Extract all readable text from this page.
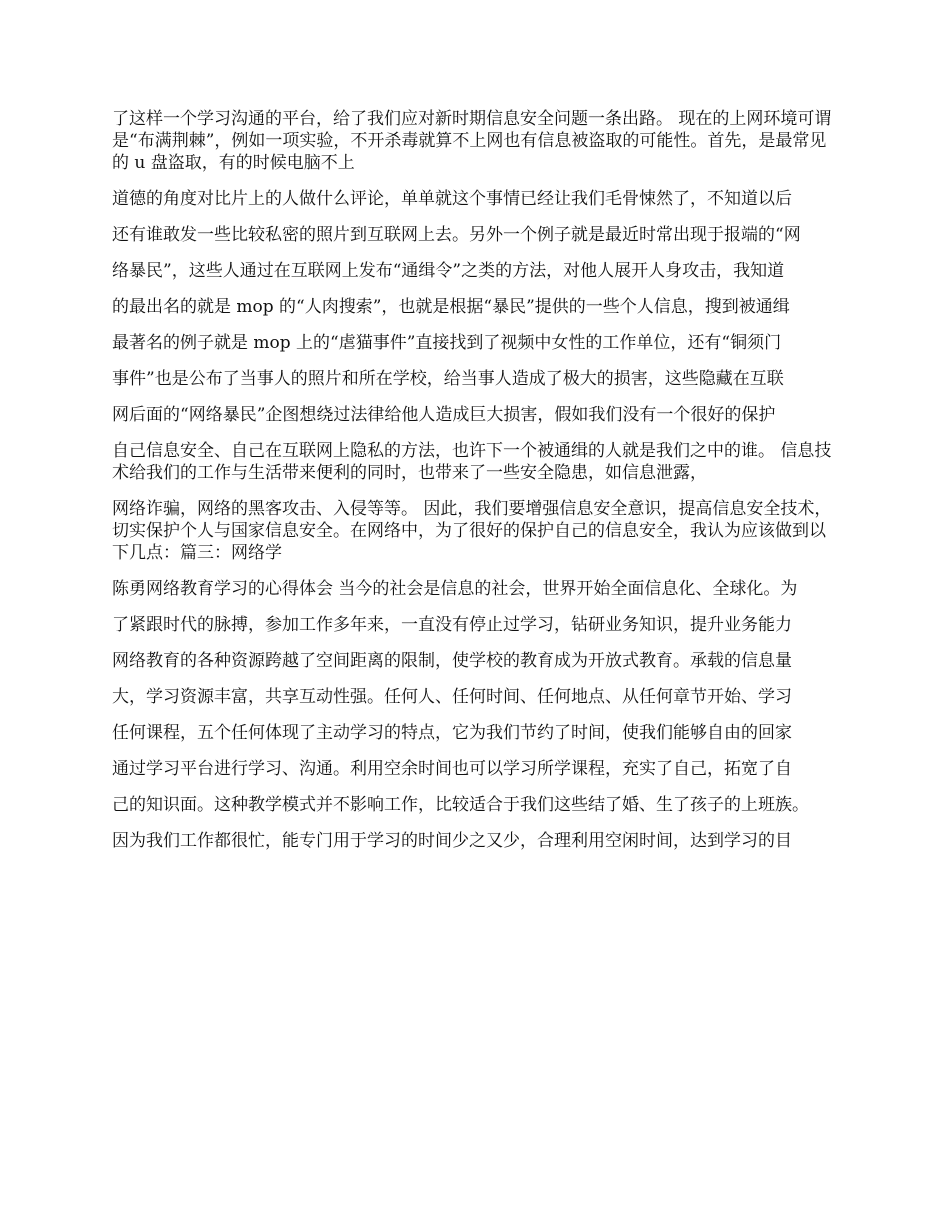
了这样一个学习沟通的平台，给了我们应对新时期信息安全问题一条出路。 现在的上网环境可谓是“布满荆棘”，例如一项实验，不开杀毒就算不上网也有信息被盗取的可能性。首先，是最常见的 u 盘盗取，有的时候电脑不上

道德的角度对比片上的人做什么评论，单单就这个事情已经让我们毛骨悚然了，不知道以后

还有谁敢发一些比较私密的照片到互联网上去。另外一个例子就是最近时常出现于报端的“网

络暴民”，这些人通过在互联网上发布“通缉令”之类的方法，对他人展开人身攻击，我知道

的最出名的就是 mop 的“人肉搜索”，也就是根据“暴民”提供的一些个人信息，搜到被通缉

最著名的例子就是 mop 上的“虐猫事件”直接找到了视频中女性的工作单位，还有“铜须门

事件”也是公布了当事人的照片和所在学校，给当事人造成了极大的损害，这些隐藏在互联

网后面的“网络暴民”企图想绕过法律给他人造成巨大损害，假如我们没有一个很好的保护

自己信息安全、自己在互联网上隐私的方法，也许下一个被通缉的人就是我们之中的谁。 信息技术给我们的工作与生活带来便利的同时，也带来了一些安全隐患，如信息泄露，

网络诈骗，网络的黑客攻击、入侵等等。 因此，我们要增强信息安全意识，提高信息安全技术，切实保护个人与国家信息安全。在网络中，为了很好的保护自己的信息安全，我认为应该做到以下几点：篇三：网络学

陈勇网络教育学习的心得体会 当今的社会是信息的社会，世界开始全面信息化、全球化。为

了紧跟时代的脉搏，参加工作多年来，一直没有停止过学习，钻研业务知识，提升业务能力

网络教育的各种资源跨越了空间距离的限制，使学校的教育成为开放式教育。承载的信息量

大，学习资源丰富，共享互动性强。任何人、任何时间、任何地点、从任何章节开始、学习

任何课程，五个任何体现了主动学习的特点，它为我们节约了时间，使我们能够自由的回家

通过学习平台进行学习、沟通。利用空余时间也可以学习所学课程，充实了自己，拓宽了自

己的知识面。这种教学模式并不影响工作，比较适合于我们这些结了婚、生了孩子的上班族。

因为我们工作都很忙，能专门用于学习的时间少之又少，合理利用空闲时间，达到学习的目
